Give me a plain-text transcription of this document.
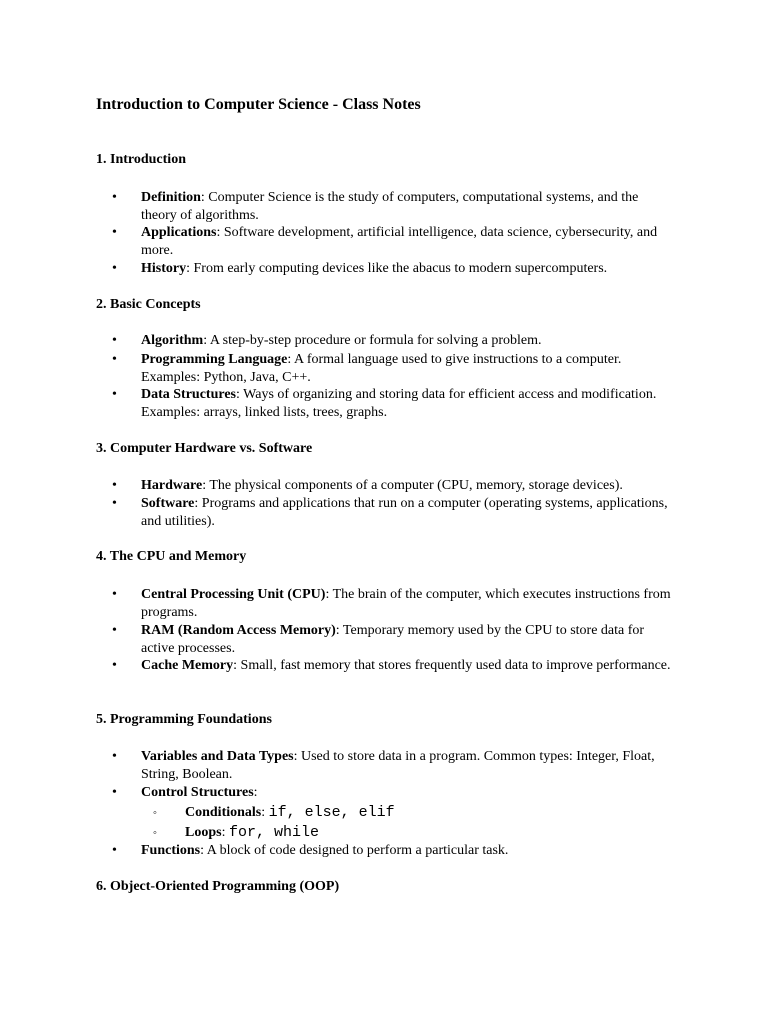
Introduction to Computer Science - Class Notes
1. Introduction
•	Definition: Computer Science is the study of computers, computational systems, and the theory of algorithms.
•	Applications: Software development, artificial intelligence, data science, cybersecurity, and more.
•	History: From early computing devices like the abacus to modern supercomputers.
2. Basic Concepts
•	Algorithm: A step-by-step procedure or formula for solving a problem.
•	Programming Language: A formal language used to give instructions to a computer. Examples: Python, Java, C++.
•	Data Structures: Ways of organizing and storing data for efficient access and modification. Examples: arrays, linked lists, trees, graphs.
3. Computer Hardware vs. Software
•	Hardware: The physical components of a computer (CPU, memory, storage devices).
•	Software: Programs and applications that run on a computer (operating systems, applications, and utilities).
4. The CPU and Memory
•	Central Processing Unit (CPU): The brain of the computer, which executes instructions from programs.
•	RAM (Random Access Memory): Temporary memory used by the CPU to store data for active processes.
•	Cache Memory: Small, fast memory that stores frequently used data to improve performance.
5. Programming Foundations
•	Variables and Data Types: Used to store data in a program. Common types: Integer, Float, String, Boolean.
•	Control Structures:
◦ Conditionals: if, else, elif
◦ Loops: for, while
•	Functions: A block of code designed to perform a particular task.
6. Object-Oriented Programming (OOP)
